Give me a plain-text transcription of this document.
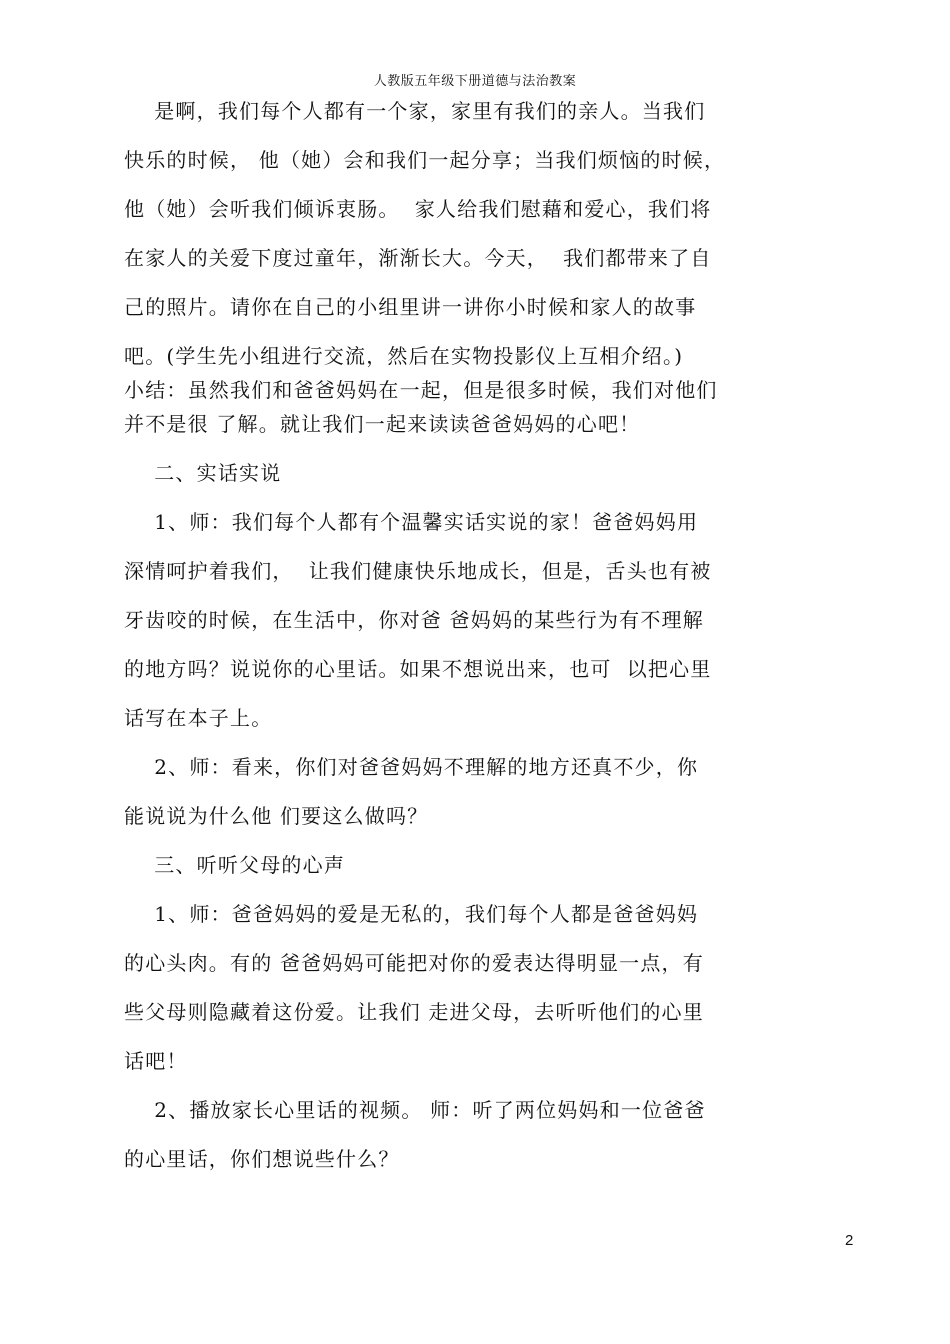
人教版五年级下册道德与法治教案
是啊，我们每个人都有一个家，家里有我们的亲人。当我们
快乐的时候， 他（她）会和我们一起分享；当我们烦恼的时候，
他（她）会听我们倾诉衷肠。  家人给我们慰藉和爱心，我们将
在家人的关爱下度过童年，渐渐长大。今天，  我们都带来了自
己的照片。请你在自己的小组里讲一讲你小时候和家人的故事
吧。(学生先小组进行交流，然后在实物投影仪上互相介绍。)
小结：虽然我们和爸爸妈妈在一起，但是很多时候，我们对他们
并不是很 了解。就让我们一起来读读爸爸妈妈的心吧！
二、实话实说
1、师：我们每个人都有个温馨实话实说的家！爸爸妈妈用
深情呵护着我们，  让我们健康快乐地成长，但是，舌头也有被
牙齿咬的时候，在生活中，你对爸 爸妈妈的某些行为有不理解
的地方吗？说说你的心里话。如果不想说出来，也可  以把心里
话写在本子上。
2、师：看来，你们对爸爸妈妈不理解的地方还真不少，你
能说说为什么他 们要这么做吗？
三、听听父母的心声
1、师：爸爸妈妈的爱是无私的，我们每个人都是爸爸妈妈
的心头肉。有的 爸爸妈妈可能把对你的爱表达得明显一点，有
些父母则隐藏着这份爱。让我们 走进父母，去听听他们的心里
话吧！
2、播放家长心里话的视频。 师：听了两位妈妈和一位爸爸
的心里话，你们想说些什么？
2
